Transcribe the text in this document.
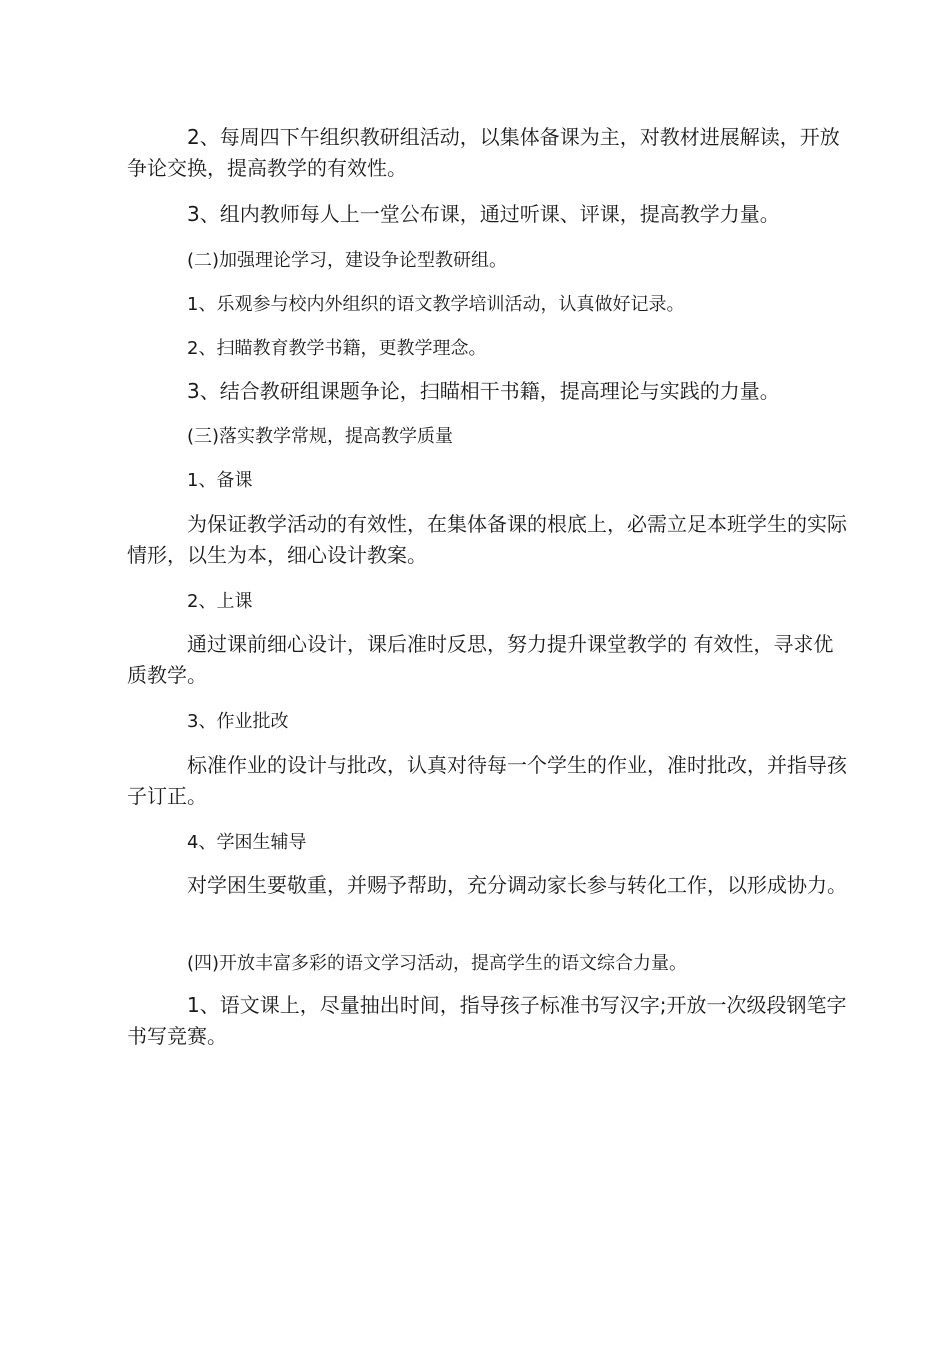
2、每周四下午组织教研组活动，以集体备课为主，对教材进展解读，开放争论交换，提高教学的有效性。

3、组内教师每人上一堂公布课，通过听课、评课，提高教学力量。

(二)加强理论学习，建设争论型教研组。

1、乐观参与校内外组织的语文教学培训活动，认真做好记录。

2、扫瞄教育教学书籍，更教学理念。

3、结合教研组课题争论，扫瞄相干书籍，提高理论与实践的力量。

(三)落实教学常规，提高教学质量

1、备课

为保证教学活动的有效性，在集体备课的根底上，必需立足本班学生的实际情形，以生为本，细心设计教案。

2、上课

通过课前细心设计，课后准时反思，努力提升课堂教学的 有效性，寻求优质教学。

3、作业批改

标准作业的设计与批改，认真对待每一个学生的作业，准时批改，并指导孩子订正。

4、学困生辅导

对学困生要敬重，并赐予帮助，充分调动家长参与转化工作，以形成协力。

(四)开放丰富多彩的语文学习活动，提高学生的语文综合力量。

1、语文课上，尽量抽出时间，指导孩子标准书写汉字;开放一次级段钢笔字书写竞赛。
